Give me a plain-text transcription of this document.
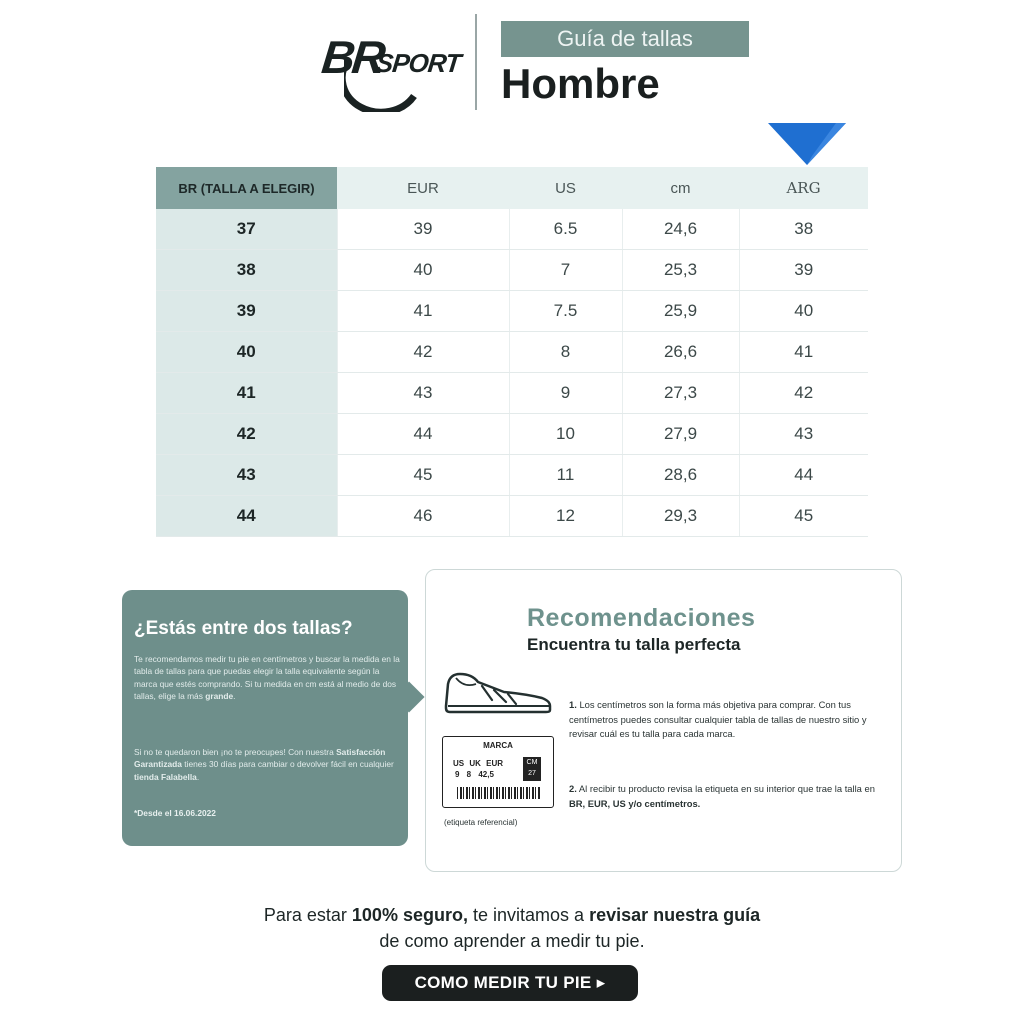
BR
SPORT
Guía de tallas
Hombre
BR (TALLA A ELEGIR)	EUR	US	cm	ARG
37	39	6.5	24,6	38
38	40	7	25,3	39
39	41	7.5	25,9	40
40	42	8	26,6	41
41	43	9	27,3	42
42	44	10	27,9	43
43	45	11	28,6	44
44	46	12	29,3	45
¿Estás entre dos tallas?
Te recomendamos medir tu pie en centímetros y buscar la medida en la tabla de tallas para que puedas elegir la talla equivalente según la marca que estés comprando. Si tu medida en cm está al medio de dos tallas, elige la más grande.
Si no te quedaron bien ¡no te preocupes! Con nuestra Satisfacción Garantizada tienes 30 días para cambiar o devolver fácil en cualquier tienda Falabella.
*Desde el 16.06.2022
Recomendaciones
Encuentra tu talla perfecta
MARCA
US UK EUR
9 8 42,5
CM
27
(etiqueta referencial)
1. Los centímetros son la forma más objetiva para comprar. Con tus centímetros puedes consultar cualquier tabla de tallas de nuestro sitio y revisar cuál es tu talla para cada marca.
2. Al recibir tu producto revisa la etiqueta en su interior que trae la talla en BR, EUR, US y/o centímetros.
Para estar 100% seguro, te invitamos a revisar nuestra guía
de como aprender a medir tu pie.
COMO MEDIR TU PIE ▸
